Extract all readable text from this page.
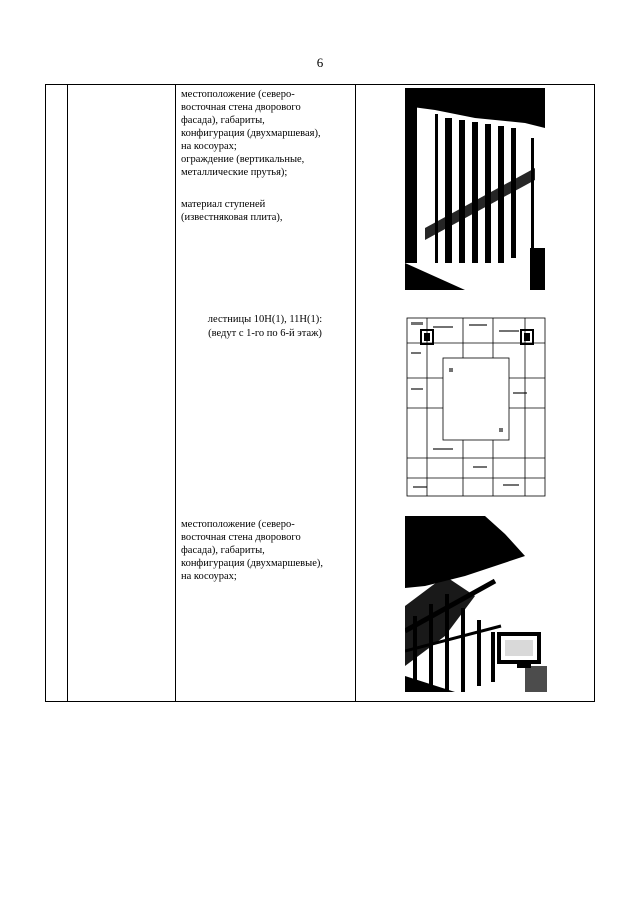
6
местоположение (северо-
восточная стена дворового
фасада), габариты,
конфигурация (двухмаршевая),
на косоурах;
ограждение (вертикальные,
металлические прутья);
материал ступеней
(известняковая плита),
лестницы 10Н(1), 11Н(1):
(ведут с 1-го по 6-й этаж)
местоположение (северо-
восточная стена дворового
фасада), габариты,
конфигурация (двухмаршевые),
на косоурах;
